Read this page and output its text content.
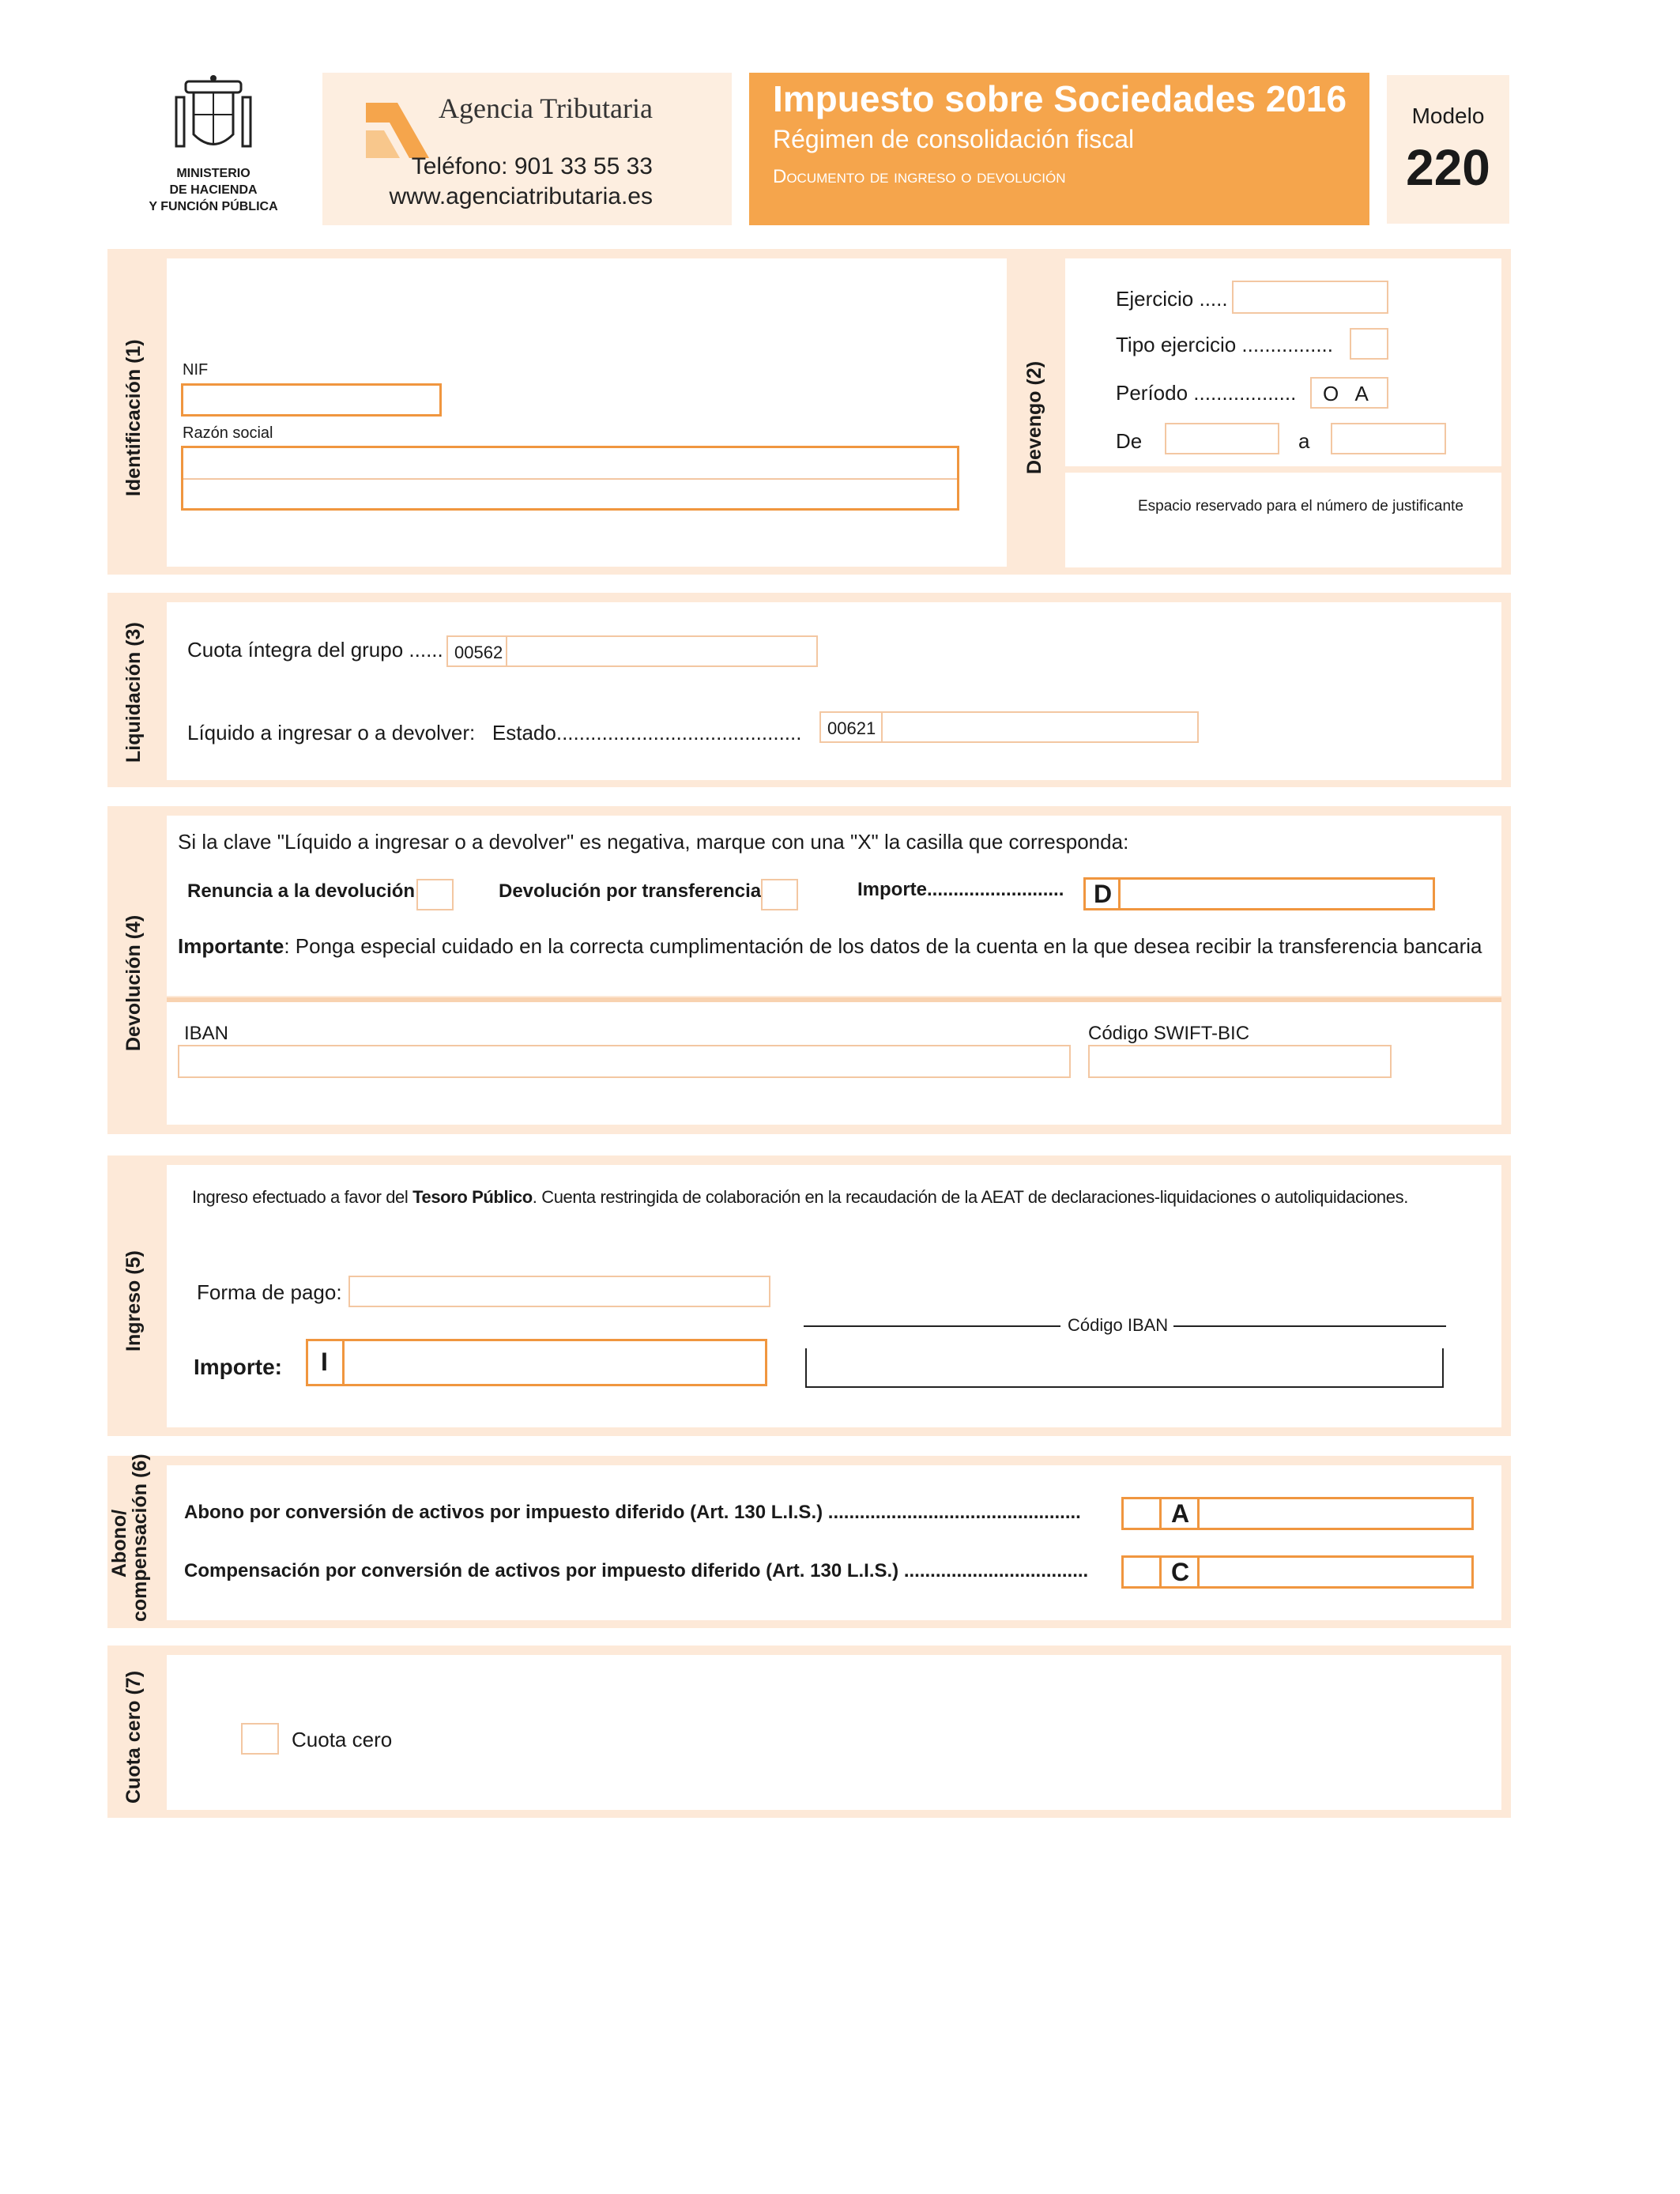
MINISTERIO
DE HACIENDA
Y FUNCIÓN PÚBLICA
Agencia Tributaria
Teléfono: 901 33 55 33
www.agenciatributaria.es
Impuesto sobre Sociedades 2016
Régimen de consolidación fiscal
Documento de ingreso o devolución
Modelo
220
Identificación (1) NIF
Razón social	Devengo (2)
Ejercicio .....
Tipo ejercicio ................
Período .................. O   A
De	a
Espacio reservado para el número de justificante
Liquidación (3) Cuota íntegra del grupo ...... 00562
Líquido a ingresar o a devolver:   Estado........................................... 00621
Devolución (4)
Si la clave "Líquido a ingresar o a devolver" es negativa, marque con una "X" la casilla que corresponda:
Renuncia a la devolución	Devolución por transferencia	Importe.......................... D
Importante: Ponga especial cuidado en la correcta cumplimentación de los datos de la cuenta en la que desea recibir la transferencia bancaria
IBAN	Código SWIFT-BIC
Ingreso (5)
Ingreso efectuado a favor del Tesoro Público. Cuenta restringida de colaboración en la recaudación de la AEAT de declaraciones-liquidaciones o autoliquidaciones.
Forma de pago:
Importe: I
Código IBAN
Abono/
compensación (6) Abono por conversión de activos por impuesto diferido (Art. 130 L.I.S.) ................................................	A
Compensación por conversión de activos por impuesto diferido (Art. 130 L.I.S.) ...................................	C
Cuota cero (7)	Cuota cero
